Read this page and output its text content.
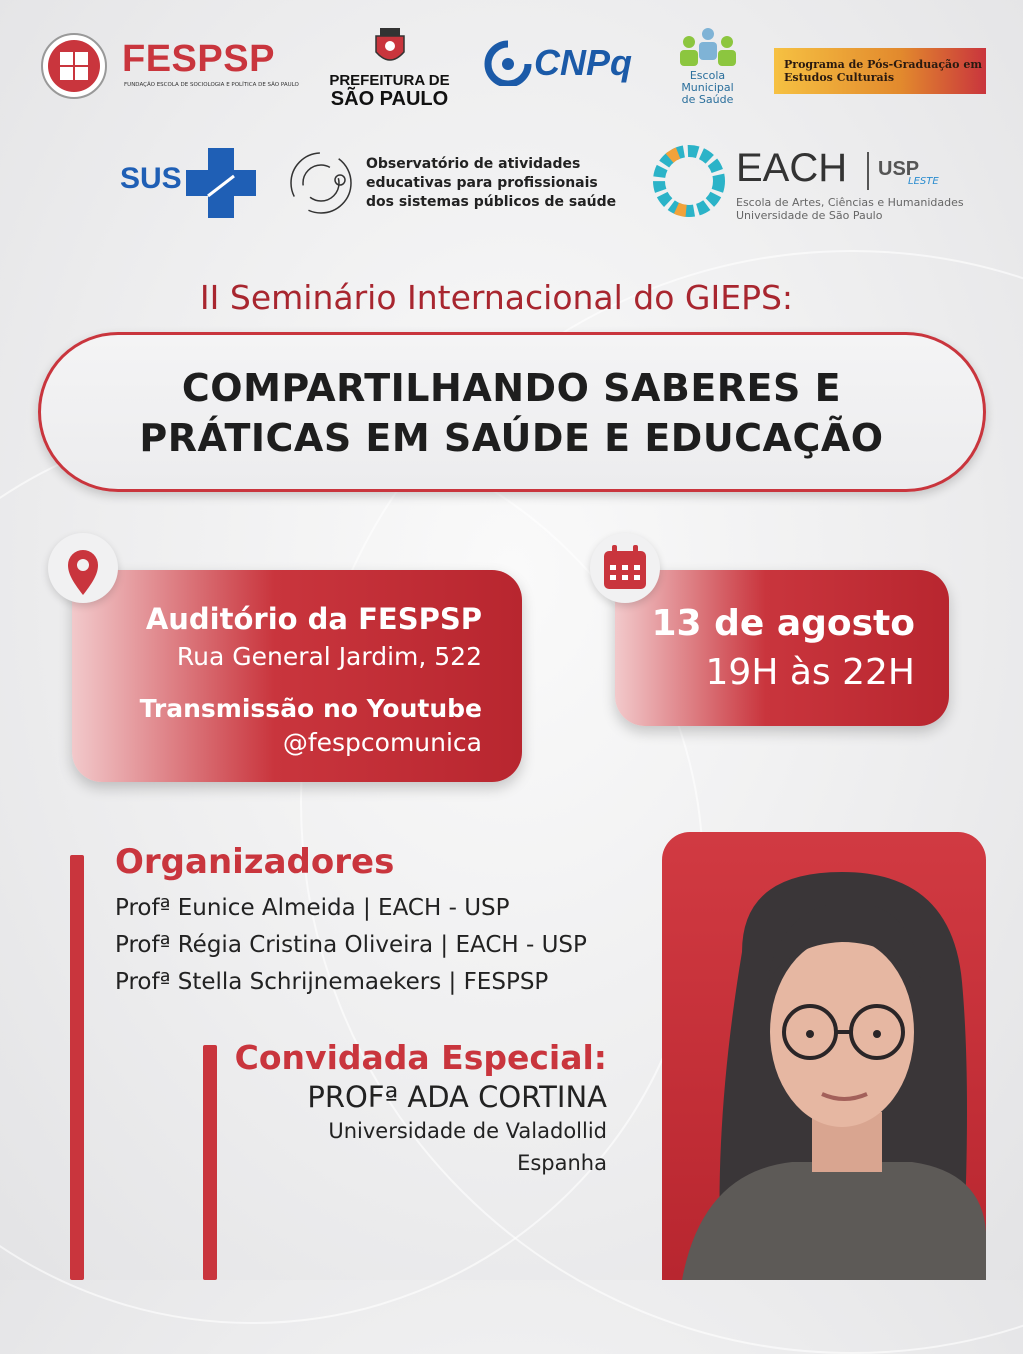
FESPSP
FUNDAÇÃO ESCOLA DE SOCIOLOGIA E POLÍTICA DE SÃO PAULO	PREFEITURA DE
SÃO PAULO
CNPq	Escola
Municipal
de Saúde
Programa de Pós-Graduação em
Estudos Culturais
SUS	Observatório de atividades
educativas para profissionais
dos sistemas públicos de saúde
EACH USP
LESTE
Escola de Artes, Ciências e Humanidades
Universidade de São Paulo
II Seminário Internacional do GIEPS:
COMPARTILHANDO SABERES E
PRÁTICAS EM SAÚDE E EDUCAÇÃO
Auditório da FESPSP
Rua General Jardim, 522
Transmissão no Youtube
@fespcomunica
13 de agosto
19H às 22H
Organizadores
Profª Eunice Almeida | EACH - USP
Profª Régia Cristina Oliveira | EACH - USP
Profª Stella Schrijnemaekers | FESPSP
Convidada Especial:
PROFª ADA CORTINA
Universidade de Valadollid
Espanha
